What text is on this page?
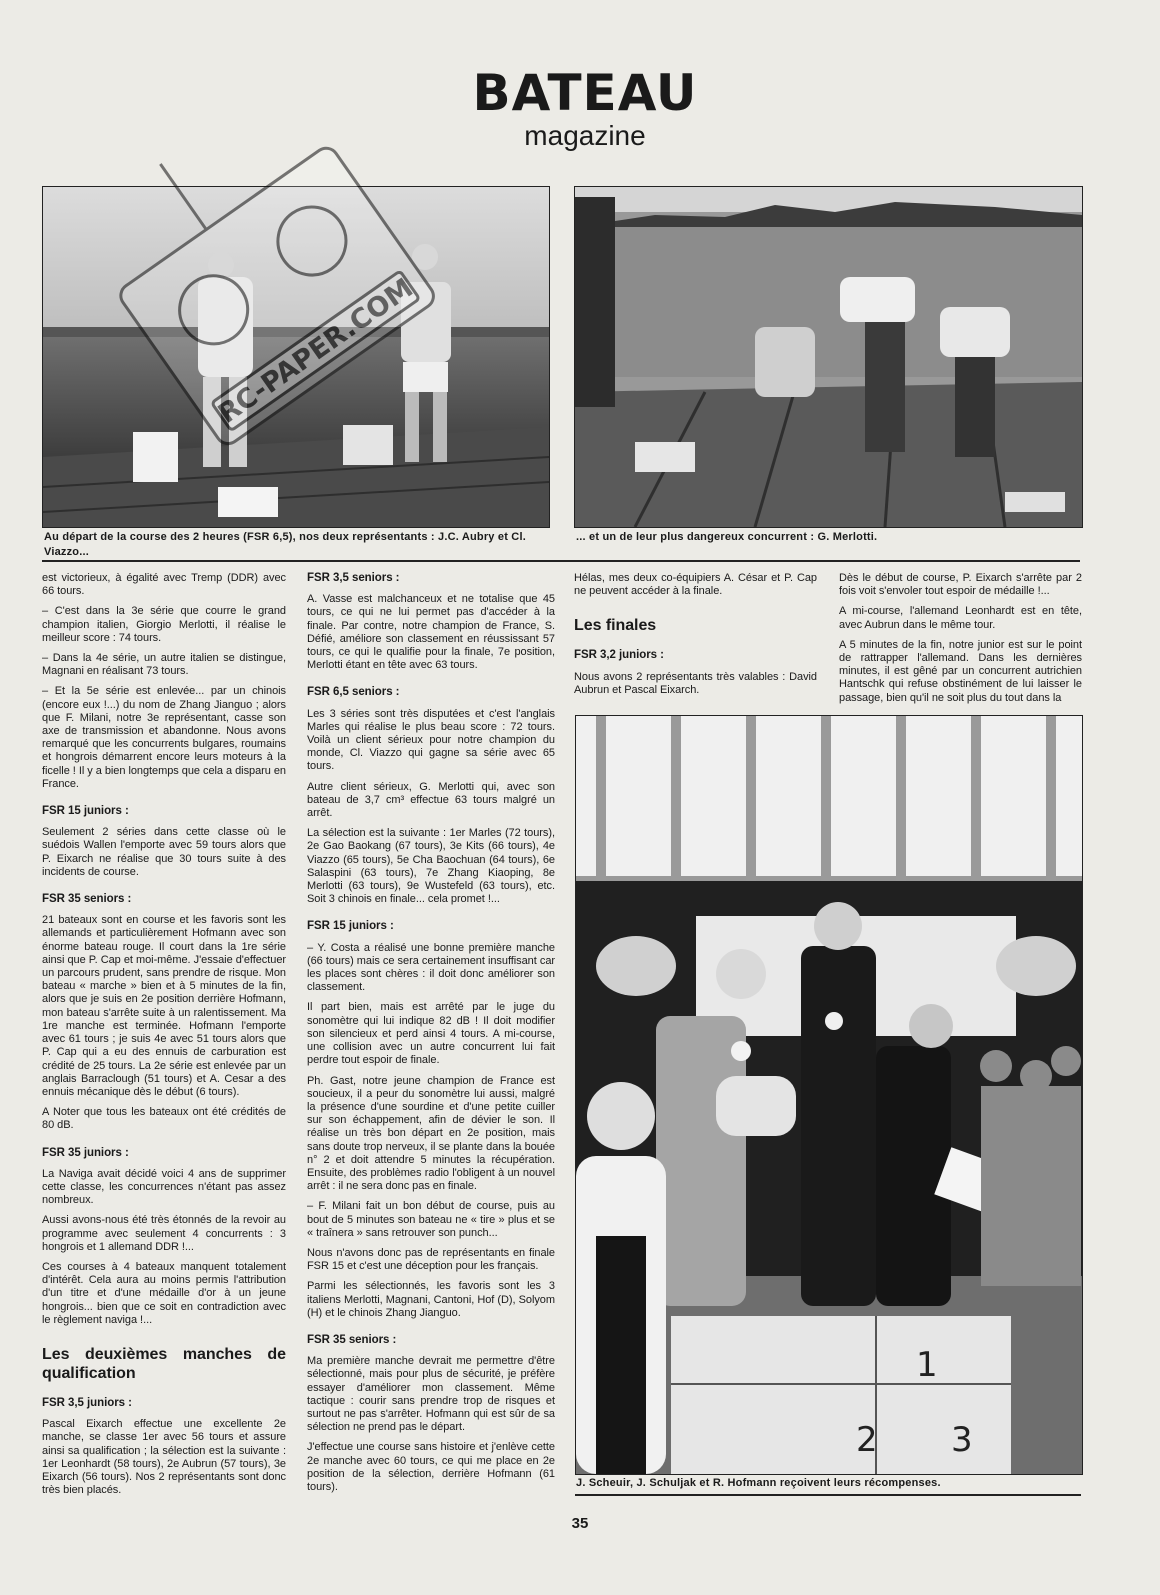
BATEAU
magazine
RC-PAPER.COM
Au départ de la course des 2 heures (FSR 6,5), nos deux représentants : J.C. Aubry et Cl. Viazzo...
... et un de leur plus dangereux concurrent : G. Merlotti.

est victorieux, à égalité avec Tremp (DDR) avec 66 tours.

– C'est dans la 3e série que courre le grand champion italien, Giorgio Merlotti, il réalise le meilleur score : 74 tours.

– Dans la 4e série, un autre italien se distingue, Magnani en réalisant 73 tours.

– Et la 5e série est enlevée... par un chinois (encore eux !...) du nom de Zhang Jianguo ; alors que F. Milani, notre 3e représentant, casse son axe de transmission et abandonne. Nous avons remarqué que les concurrents bulgares, roumains et hongrois démarrent encore leurs moteurs à la ficelle ! Il y a bien longtemps que cela a disparu en France.

FSR 15 juniors :

Seulement 2 séries dans cette classe où le suédois Wallen l'emporte avec 59 tours alors que P. Eixarch ne réalise que 30 tours suite à des incidents de course.

FSR 35 seniors :

21 bateaux sont en course et les favoris sont les allemands et particulièrement Hofmann avec son énorme bateau rouge. Il court dans la 1re série ainsi que P. Cap et moi-même. J'essaie d'effectuer un parcours prudent, sans prendre de risque. Mon bateau « marche » bien et à 5 minutes de la fin, alors que je suis en 2e position derrière Hofmann, mon bateau s'arrête suite à un ralentissement. Ma 1re manche est terminée. Hofmann l'emporte avec 61 tours ; je suis 4e avec 51 tours alors que P. Cap qui a eu des ennuis de carburation est crédité de 25 tours. La 2e série est enlevée par un anglais Barraclough (51 tours) et A. Cesar a des ennuis mécanique dès le début (6 tours).

A Noter que tous les bateaux ont été crédités de 80 dB.

FSR 35 juniors :

La Naviga avait décidé voici 4 ans de supprimer cette classe, les concurrences n'étant pas assez nombreux.

Aussi avons-nous été très étonnés de la revoir au programme avec seulement 4 concurrents : 3 hongrois et 1 allemand DDR !...

Ces courses à 4 bateaux manquent totalement d'intérêt. Cela aura au moins permis l'attribution d'un titre et d'une médaille d'or à un jeune hongrois... bien que ce soit en contradiction avec le règlement naviga !...

Les deuxièmes manches de qualification
FSR 3,5 juniors :

Pascal Eixarch effectue une excellente 2e manche, se classe 1er avec 56 tours et assure ainsi sa qualification ; la sélection est la suivante : 1er Leonhardt (58 tours), 2e Aubrun (57 tours), 3e Eixarch (56 tours). Nos 2 représentants sont donc très bien placés.

FSR 3,5 seniors :

A. Vasse est malchanceux et ne totalise que 45 tours, ce qui ne lui permet pas d'accéder à la finale. Par contre, notre champion de France, S. Défié, améliore son classement en réussissant 57 tours, ce qui le qualifie pour la finale, 7e position, Merlotti étant en tête avec 63 tours.

FSR 6,5 seniors :

Les 3 séries sont très disputées et c'est l'anglais Marles qui réalise le plus beau score : 72 tours. Voilà un client sérieux pour notre champion du monde, Cl. Viazzo qui gagne sa série avec 65 tours.

Autre client sérieux, G. Merlotti qui, avec son bateau de 3,7 cm³ effectue 63 tours malgré un arrêt.

La sélection est la suivante : 1er Marles (72 tours), 2e Gao Baokang (67 tours), 3e Kits (66 tours), 4e Viazzo (65 tours), 5e Cha Baochuan (64 tours), 6e Salaspini (63 tours), 7e Zhang Kiaoping, 8e Merlotti (63 tours), 9e Wustefeld (63 tours), etc. Soit 3 chinois en finale... cela promet !...

FSR 15 juniors :

– Y. Costa a réalisé une bonne première manche (66 tours) mais ce sera certainement insuffisant car les places sont chères : il doit donc améliorer son classement.

Il part bien, mais est arrêté par le juge du sonomètre qui lui indique 82 dB ! Il doit modifier son silencieux et perd ainsi 4 tours. A mi-course, une collision avec un autre concurrent lui fait perdre tout espoir de finale.

Ph. Gast, notre jeune champion de France est soucieux, il a peur du sonomètre lui aussi, malgré la présence d'une sourdine et d'une petite cuiller sur son échappement, afin de dévier le son. Il réalise un très bon départ en 2e position, mais sans doute trop nerveux, il se plante dans la bouée n° 2 et doit attendre 5 minutes la récupération. Ensuite, des problèmes radio l'obligent à un nouvel arrêt : il ne sera donc pas en finale.

– F. Milani fait un bon début de course, puis au bout de 5 minutes son bateau ne « tire » plus et se « traînera » sans retrouver son punch...

Nous n'avons donc pas de représentants en finale FSR 15 et c'est une déception pour les français.

Parmi les sélectionnés, les favoris sont les 3 italiens Merlotti, Magnani, Cantoni, Hof (D), Solyom (H) et le chinois Zhang Jianguo.

FSR 35 seniors :

Ma première manche devrait me permettre d'être sélectionné, mais pour plus de sécurité, je préfère essayer d'améliorer mon classement. Même tactique : courir sans prendre trop de risques et surtout ne pas s'arrêter. Hofmann qui est sûr de sa sélection ne prend pas le départ.

J'effectue une course sans histoire et j'enlève cette 2e manche avec 60 tours, ce qui me place en 2e position de la sélection, derrière Hofmann (61 tours).

Hélas, mes deux co-équipiers A. César et P. Cap ne peuvent accéder à la finale.

Les finales
FSR 3,2 juniors :

Nous avons 2 représentants très valables : David Aubrun et Pascal Eixarch.

Dès le début de course, P. Eixarch s'arrête par 2 fois voit s'envoler tout espoir de médaille !...

A mi-course, l'allemand Leonhardt est en tête, avec Aubrun dans le même tour.

A 5 minutes de la fin, notre junior est sur le point de rattrapper l'allemand. Dans les dernières minutes, il est gêné par un concurrent autrichien Hantschk qui refuse obstinément de lui laisser le passage, bien qu'il ne soit plus du tout dans la

1
2 3
J. Scheuir, J. Schuljak et R. Hofmann reçoivent leurs récompenses.
35
